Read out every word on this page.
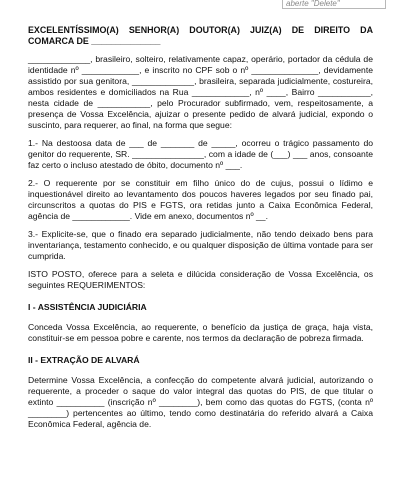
aberte "Delete"

EXCELENTÍSSIMO(A) SENHOR(A) DOUTOR(A) JUIZ(A) DE DIREITO DA COMARCA DE ______________

_____________, brasileiro, solteiro, relativamente capaz, operário, portador da cédula de identidade nº ____________, e inscrito no CPF sob o nº ______________, devidamente assistido por sua genitora, _____________, brasileira, separada judicialmente, costureira, ambos residentes e domiciliados na Rua ____________, nº ____, Bairro ___________, nesta cidade de ___________, pelo Procurador subfirmado, vem, respeitosamente, a presença de Vossa Excelência, ajuizar o presente pedido de alvará judicial, expondo o suscinto, para requerer, ao final, na forma que segue:

1.- Na destoosa data de ___ de _______ de _____, ocorreu o trágico passamento do genitor do requerente, SR. _______________, com a idade de (___) ___ anos, consoante faz certo o incluso atestado de óbito, documento nº ___.

2.- O requerente por se constituir em filho único do de cujus, possui o lídimo e inquestionável direito ao levantamento dos poucos haveres legados por seu finado pai, circunscritos a quotas do PIS e FGTS, ora retidas junto a Caixa Econômica Federal, agência de ____________. Vide em anexo, documentos nº __.

3.- Explicite-se, que o finado era separado judicialmente, não tendo deixado bens para inventariança, testamento conhecido, e ou qualquer disposição de última vontade para ser cumprida.

ISTO POSTO, oferece para a seleta e dilúcida consideração de Vossa Excelência, os seguintes REQUERIMENTOS:

I - ASSISTÊNCIA JUDICIÁRIA

Conceda Vossa Excelência, ao requerente, o benefício da justiça de graça, haja vista, constituir-se em pessoa pobre e carente, nos termos da declaração de pobreza firmada.

II - EXTRAÇÃO DE ALVARÁ

Determine Vossa Excelência, a confecção do competente alvará judicial, autorizando o requerente, a proceder o saque do valor integral das quotas do PIS, de que titular o extinto __________ (inscrição nº ________), bem como das quotas do FGTS, (conta nº ________) pertencentes ao último, tendo como destinatária do referido alvará a Caixa Econômica Federal, agência de.
